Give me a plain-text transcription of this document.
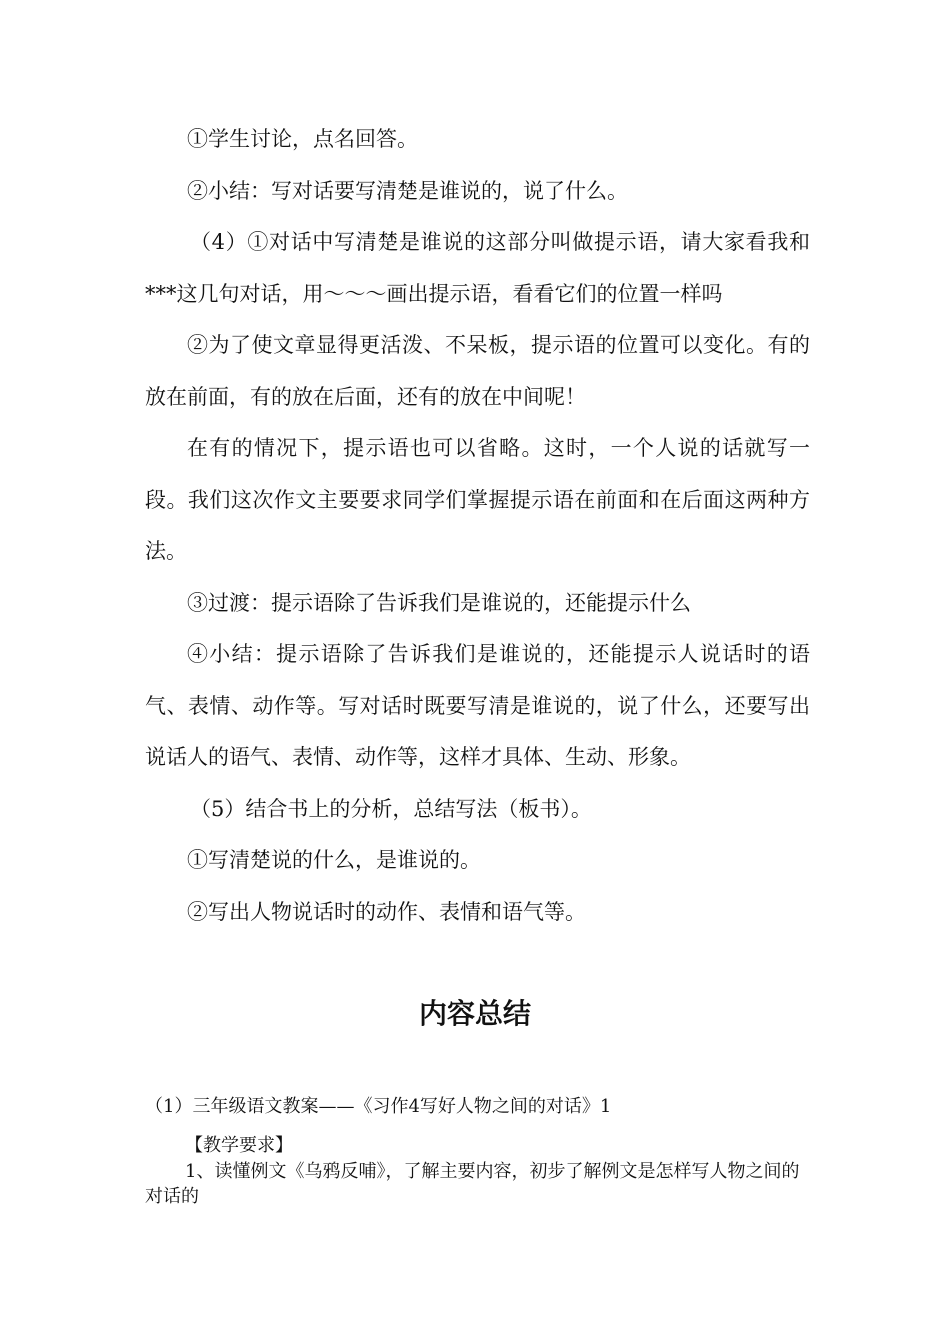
①学生讨论，点名回答。

②小结：写对话要写清楚是谁说的，说了什么。

（4）①对话中写清楚是谁说的这部分叫做提示语，请大家看我和***这几句对话，用～～～画出提示语，看看它们的位置一样吗

②为了使文章显得更活泼、不呆板，提示语的位置可以变化。有的放在前面，有的放在后面，还有的放在中间呢！

在有的情况下，提示语也可以省略。这时，一个人说的话就写一段。我们这次作文主要要求同学们掌握提示语在前面和在后面这两种方法。

③过渡：提示语除了告诉我们是谁说的，还能提示什么

④小结：提示语除了告诉我们是谁说的，还能提示人说话时的语气、表情、动作等。写对话时既要写清是谁说的，说了什么，还要写出说话人的语气、表情、动作等，这样才具体、生动、形象。

（5）结合书上的分析，总结写法（板书）。

①写清楚说的什么，是谁说的。

②写出人物说话时的动作、表情和语气等。

内容总结

（1）三年级语文教案——《习作4写好人物之间的对话》1

【教学要求】

1、读懂例文《乌鸦反哺》，了解主要内容，初步了解例文是怎样写人物之间的对话的
